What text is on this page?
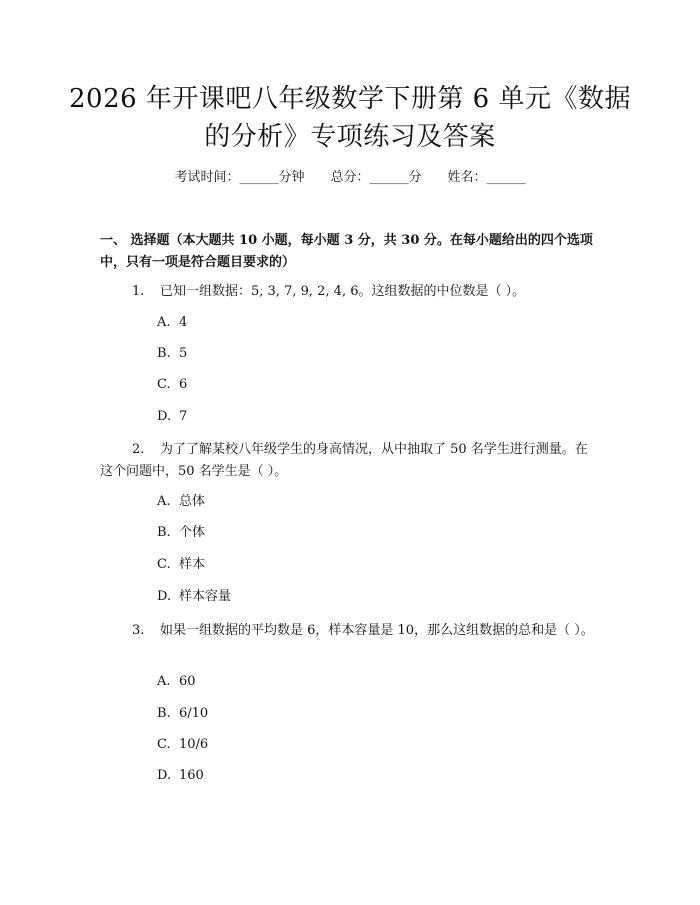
2026 年开课吧八年级数学下册第 6 单元《数据的分析》专项练习及答案
考试时间：______分钟 总分：______分 姓名：______
一、 选择题（本大题共 10 小题，每小题 3 分，共 30 分。在每小题给出的四个选项中，只有一项是符合题目要求的）
1. 已知一组数据：5, 3, 7, 9, 2, 4, 6。这组数据的中位数是（ ）。
A. 4
B. 5
C. 6
D. 7
2. 为了了解某校八年级学生的身高情况，从中抽取了 50 名学生进行测量。在这个问题中，50 名学生是（ ）。
A. 总体
B. 个体
C. 样本
D. 样本容量
3. 如果一组数据的平均数是 6，样本容量是 10，那么这组数据的总和是（ ）。
A. 60
B. 6/10
C. 10/6
D. 160
